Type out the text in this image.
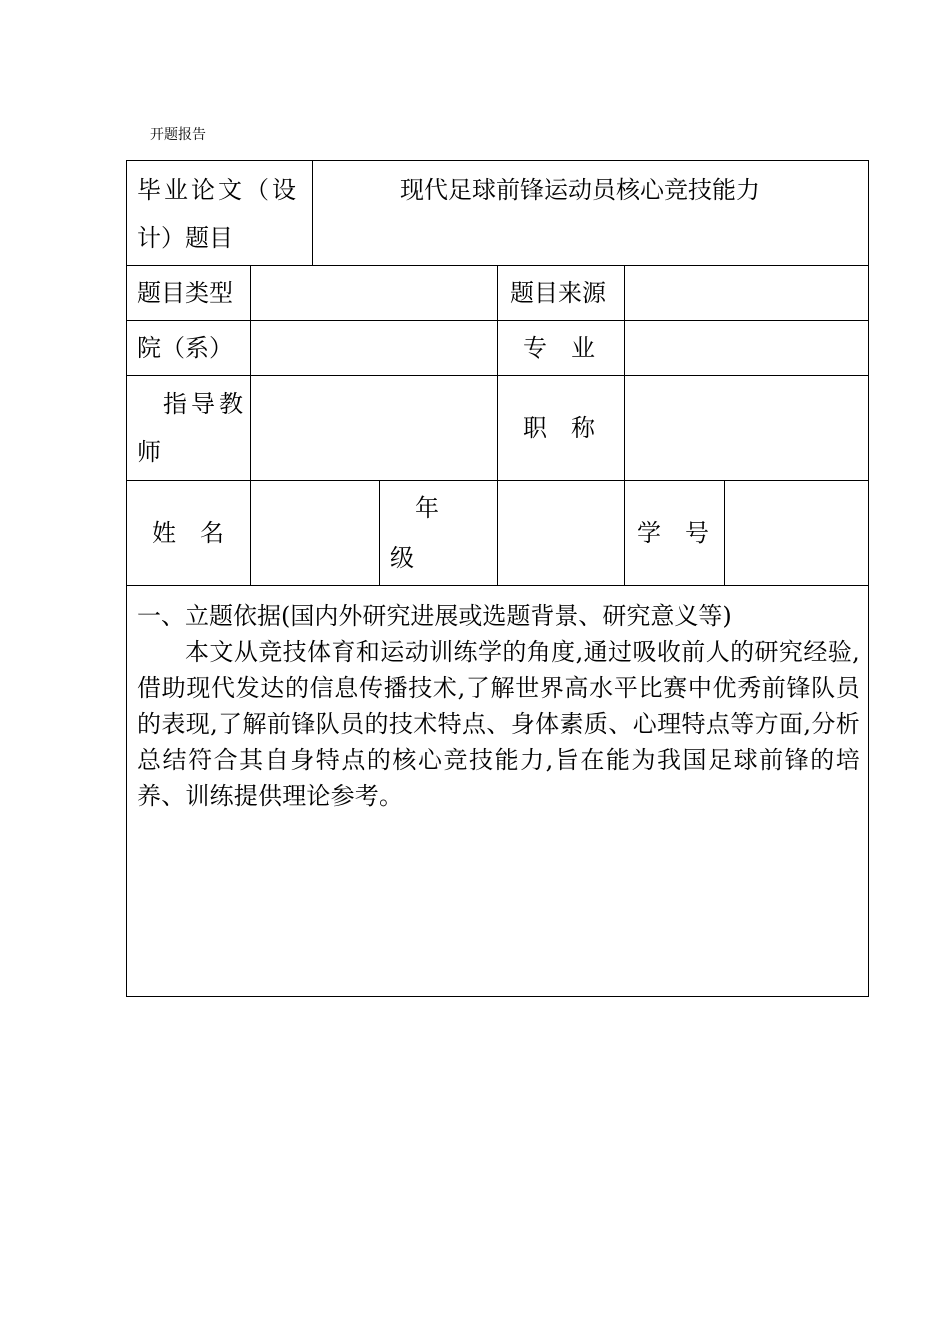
开题报告
毕业论文（设
计）题目
现代足球前锋运动员核心竞技能力
题目类型	题目来源
院（系）	专　业
指导教
师
职　称
姓　名
年
级
学　号

一、立题依据(国内外研究进展或选题背景、研究意义等)

本文从竞技体育和运动训练学的角度,通过吸收前人的研究经验,借助现代发达的信息传播技术,了解世界高水平比赛中优秀前锋队员的表现,了解前锋队员的技术特点、身体素质、心理特点等方面,分析总结符合其自身特点的核心竞技能力,旨在能为我国足球前锋的培养、训练提供理论参考。
